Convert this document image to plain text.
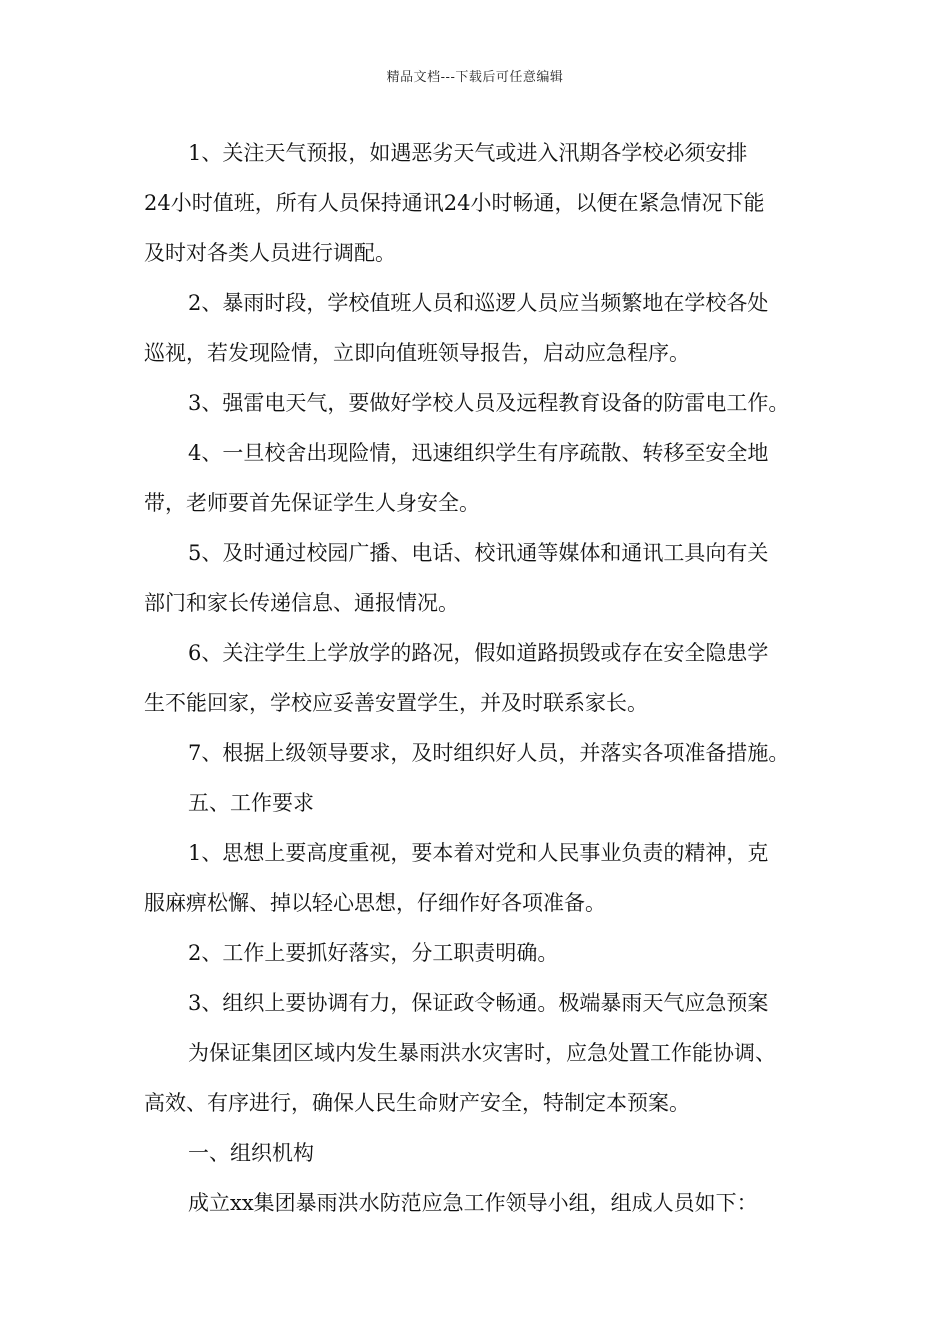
精品文档---下载后可任意编辑
1、关注天气预报，如遇恶劣天气或进入汛期各学校必须安排
24小时值班，所有人员保持通讯24小时畅通，以便在紧急情况下能
及时对各类人员进行调配。
2、暴雨时段，学校值班人员和巡逻人员应当频繁地在学校各处
巡视，若发现险情，立即向值班领导报告，启动应急程序。
3、强雷电天气，要做好学校人员及远程教育设备的防雷电工作。
4、一旦校舍出现险情，迅速组织学生有序疏散、转移至安全地
带，老师要首先保证学生人身安全。
5、及时通过校园广播、电话、校讯通等媒体和通讯工具向有关
部门和家长传递信息、通报情况。
6、关注学生上学放学的路况，假如道路损毁或存在安全隐患学
生不能回家，学校应妥善安置学生，并及时联系家长。
7、根据上级领导要求，及时组织好人员，并落实各项准备措施。
五、工作要求
1、思想上要高度重视，要本着对党和人民事业负责的精神，克
服麻痹松懈、掉以轻心思想，仔细作好各项准备。
2、工作上要抓好落实，分工职责明确。
3、组织上要协调有力，保证政令畅通。极端暴雨天气应急预案
为保证集团区域内发生暴雨洪水灾害时，应急处置工作能协调、
高效、有序进行，确保人民生命财产安全，特制定本预案。
一、组织机构
成立xx集团暴雨洪水防范应急工作领导小组，组成人员如下：
